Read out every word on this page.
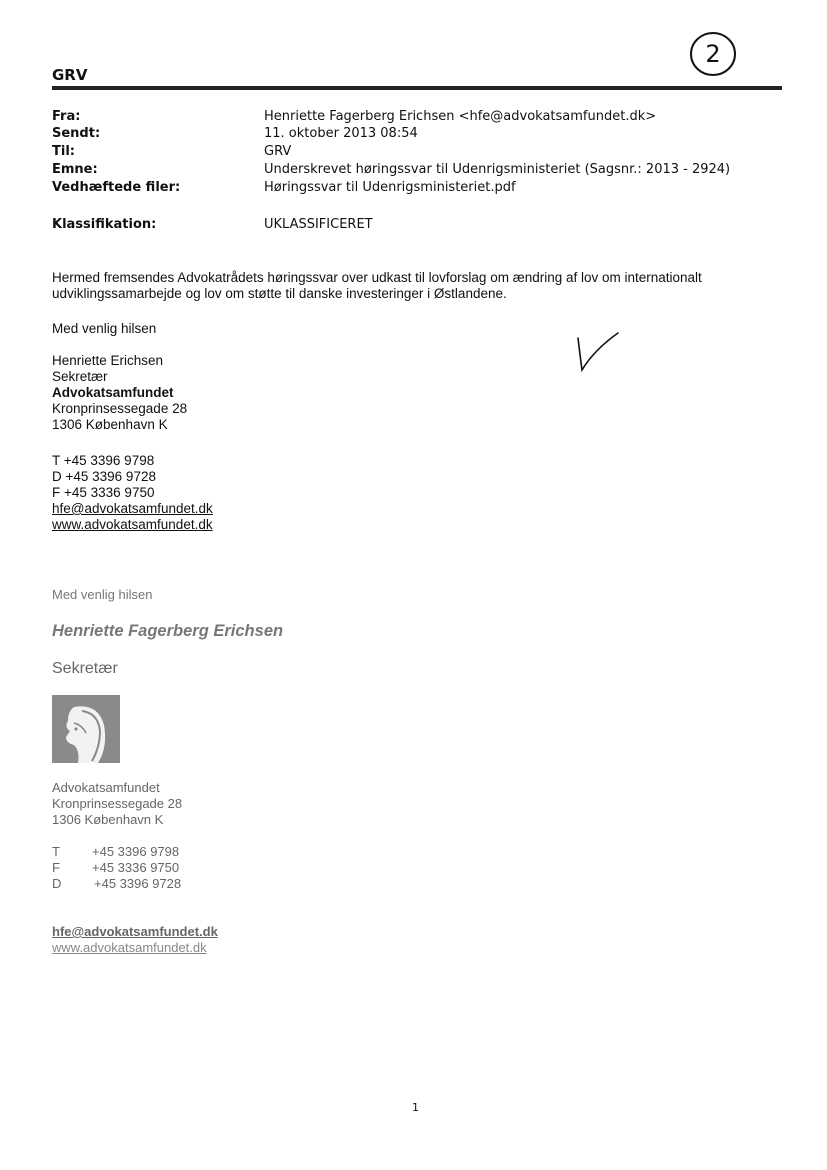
GRV
2
Fra:	Henriette Fagerberg Erichsen <hfe@advokatsamfundet.dk>
Sendt:	11. oktober 2013 08:54
Til:	GRV
Emne:	Underskrevet høringssvar til Udenrigsministeriet (Sagsnr.: 2013 - 2924)
Vedhæftede filer:	Høringssvar til Udenrigsministeriet.pdf
Klassifikation:	UKLASSIFICERET
Hermed fremsendes Advokatrådets høringssvar over udkast til lovforslag om ændring af lov om internationalt
udviklingssamarbejde og lov om støtte til danske investeringer i Østlandene.
Med venlig hilsen
Henriette Erichsen
Sekretær
Advokatsamfundet
Kronprinsessegade 28
1306 København K
T +45 3396 9798
D +45 3396 9728
F +45 3336 9750
hfe@advokatsamfundet.dk
www.advokatsamfundet.dk
Med venlig hilsen
Henriette Fagerberg Erichsen
Sekretær
Advokatsamfundet
Kronprinsessegade 28
1306 København K
T +45 3396 9798
F +45 3336 9750
D	+45 3396 9728
hfe@advokatsamfundet.dk
www.advokatsamfundet.dk
1
